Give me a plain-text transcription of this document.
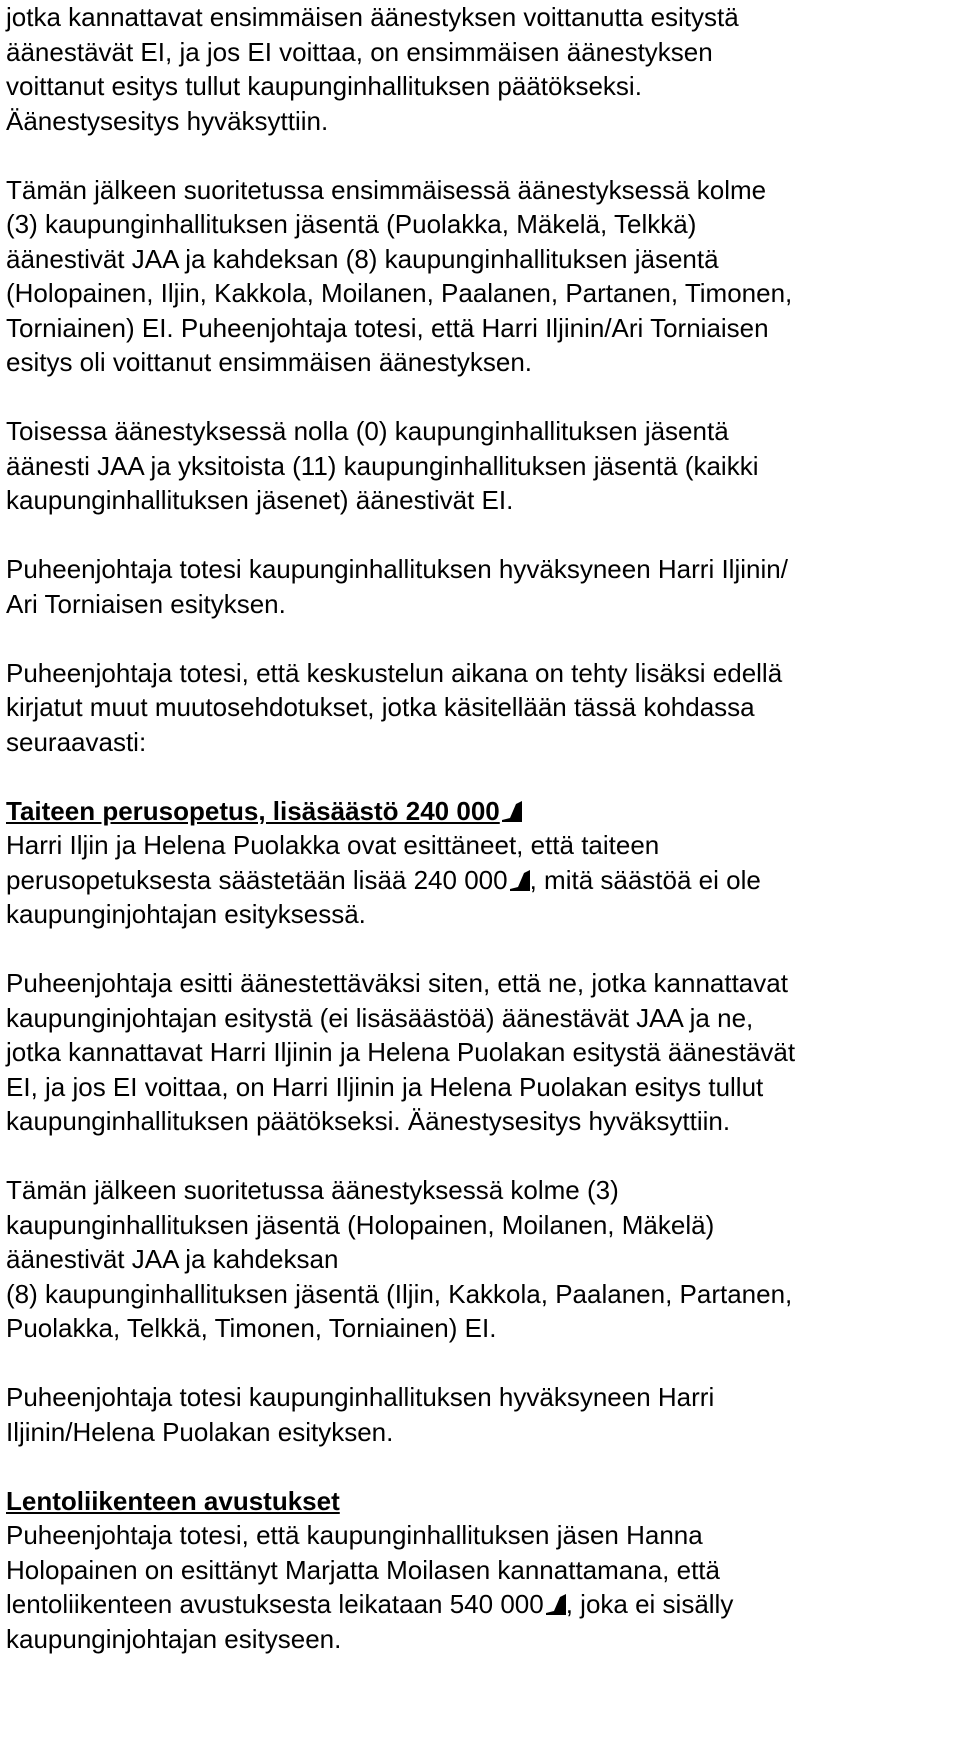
jotka kannattavat ensimmäisen äänestyksen voittanutta esitystä
äänestävät EI, ja jos EI voittaa, on ensimmäisen äänestyksen
voittanut esitys tullut kaupunginhallituksen päätökseksi.
Äänestysesitys hyväksyttiin.
Tämän jälkeen suoritetussa ensimmäisessä äänestyksessä kolme
(3) kaupunginhallituksen jäsentä (Puolakka, Mäkelä, Telkkä)
äänestivät JAA ja kahdeksan (8) kaupunginhallituksen jäsentä
(Holopainen, Iljin, Kakkola, Moilanen, Paalanen, Partanen, Timonen,
Torniainen) EI. Puheenjohtaja totesi, että Harri Iljinin/Ari Torniaisen
esitys oli voittanut ensimmäisen äänestyksen.
Toisessa äänestyksessä nolla (0) kaupunginhallituksen jäsentä
äänesti JAA ja yksitoista (11) kaupunginhallituksen jäsentä (kaikki
kaupunginhallituksen jäsenet) äänestivät EI.
Puheenjohtaja totesi kaupunginhallituksen hyväksyneen Harri Iljinin/
Ari Torniaisen esityksen.
Puheenjohtaja totesi, että keskustelun aikana on tehty lisäksi edellä
kirjatut muut muutosehdotukset, jotka käsitellään tässä kohdassa
seuraavasti:
Taiteen perusopetus, lisäsäästö 240 000
Harri Iljin ja Helena Puolakka ovat esittäneet, että taiteen
perusopetuksesta säästetään lisää 240 000 , mitä säästöä ei ole
kaupunginjohtajan esityksessä.
Puheenjohtaja esitti äänestettäväksi siten, että ne, jotka kannattavat
kaupunginjohtajan esitystä (ei lisäsäästöä) äänestävät JAA ja ne,
jotka kannattavat Harri Iljinin ja Helena Puolakan esitystä äänestävät
EI, ja jos EI voittaa, on Harri Iljinin ja Helena Puolakan esitys tullut
kaupunginhallituksen päätökseksi. Äänestysesitys hyväksyttiin.
Tämän jälkeen suoritetussa äänestyksessä kolme (3)
kaupunginhallituksen jäsentä (Holopainen, Moilanen, Mäkelä)
äänestivät JAA ja kahdeksan
(8) kaupunginhallituksen jäsentä (Iljin, Kakkola, Paalanen, Partanen,
Puolakka, Telkkä, Timonen, Torniainen) EI.
Puheenjohtaja totesi kaupunginhallituksen hyväksyneen Harri
Iljinin/Helena Puolakan esityksen.
Lentoliikenteen avustukset
Puheenjohtaja totesi, että kaupunginhallituksen jäsen Hanna
Holopainen on esittänyt Marjatta Moilasen kannattamana, että
lentoliikenteen avustuksesta leikataan 540 000 , joka ei sisälly
kaupunginjohtajan esityseen.
